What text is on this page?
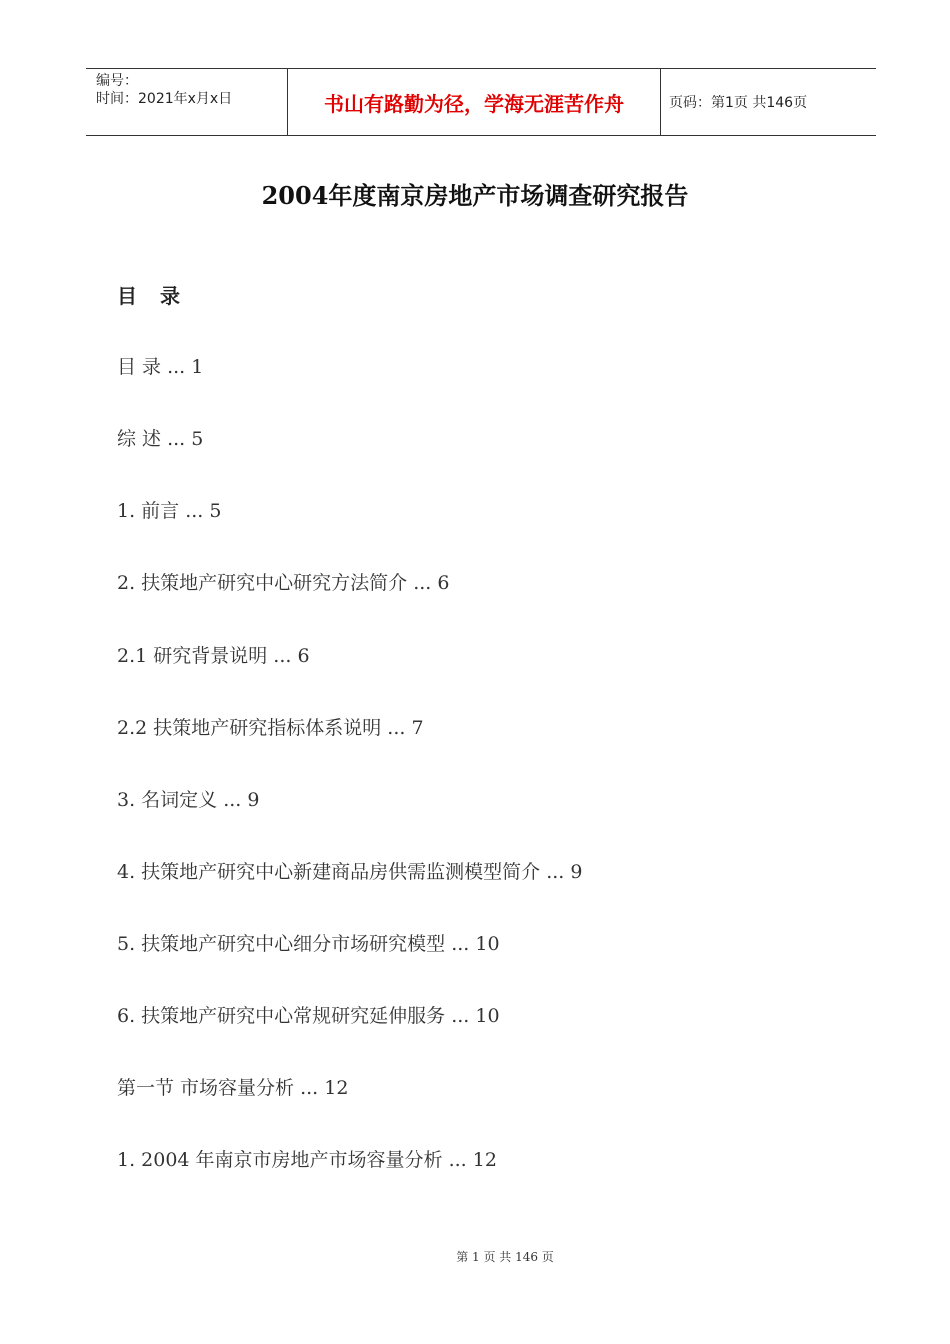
编号：
时间：2021年x月x日	书山有路勤为径，学海无涯苦作舟	页码：第1页 共146页
2004年度南京房地产市场调查研究报告
目 录
目 录 ... 1
综 述 ... 5
1. 前言 ... 5
2. 扶策地产研究中心研究方法简介 ... 6
2.1 研究背景说明 ... 6
2.2 扶策地产研究指标体系说明 ... 7
3. 名词定义 ... 9
4. 扶策地产研究中心新建商品房供需监测模型简介 ... 9
5. 扶策地产研究中心细分市场研究模型 ... 10
6. 扶策地产研究中心常规研究延伸服务 ... 10
第一节 市场容量分析 ... 12
1. 2004 年南京市房地产市场容量分析 ... 12
第 1 页 共 146 页
